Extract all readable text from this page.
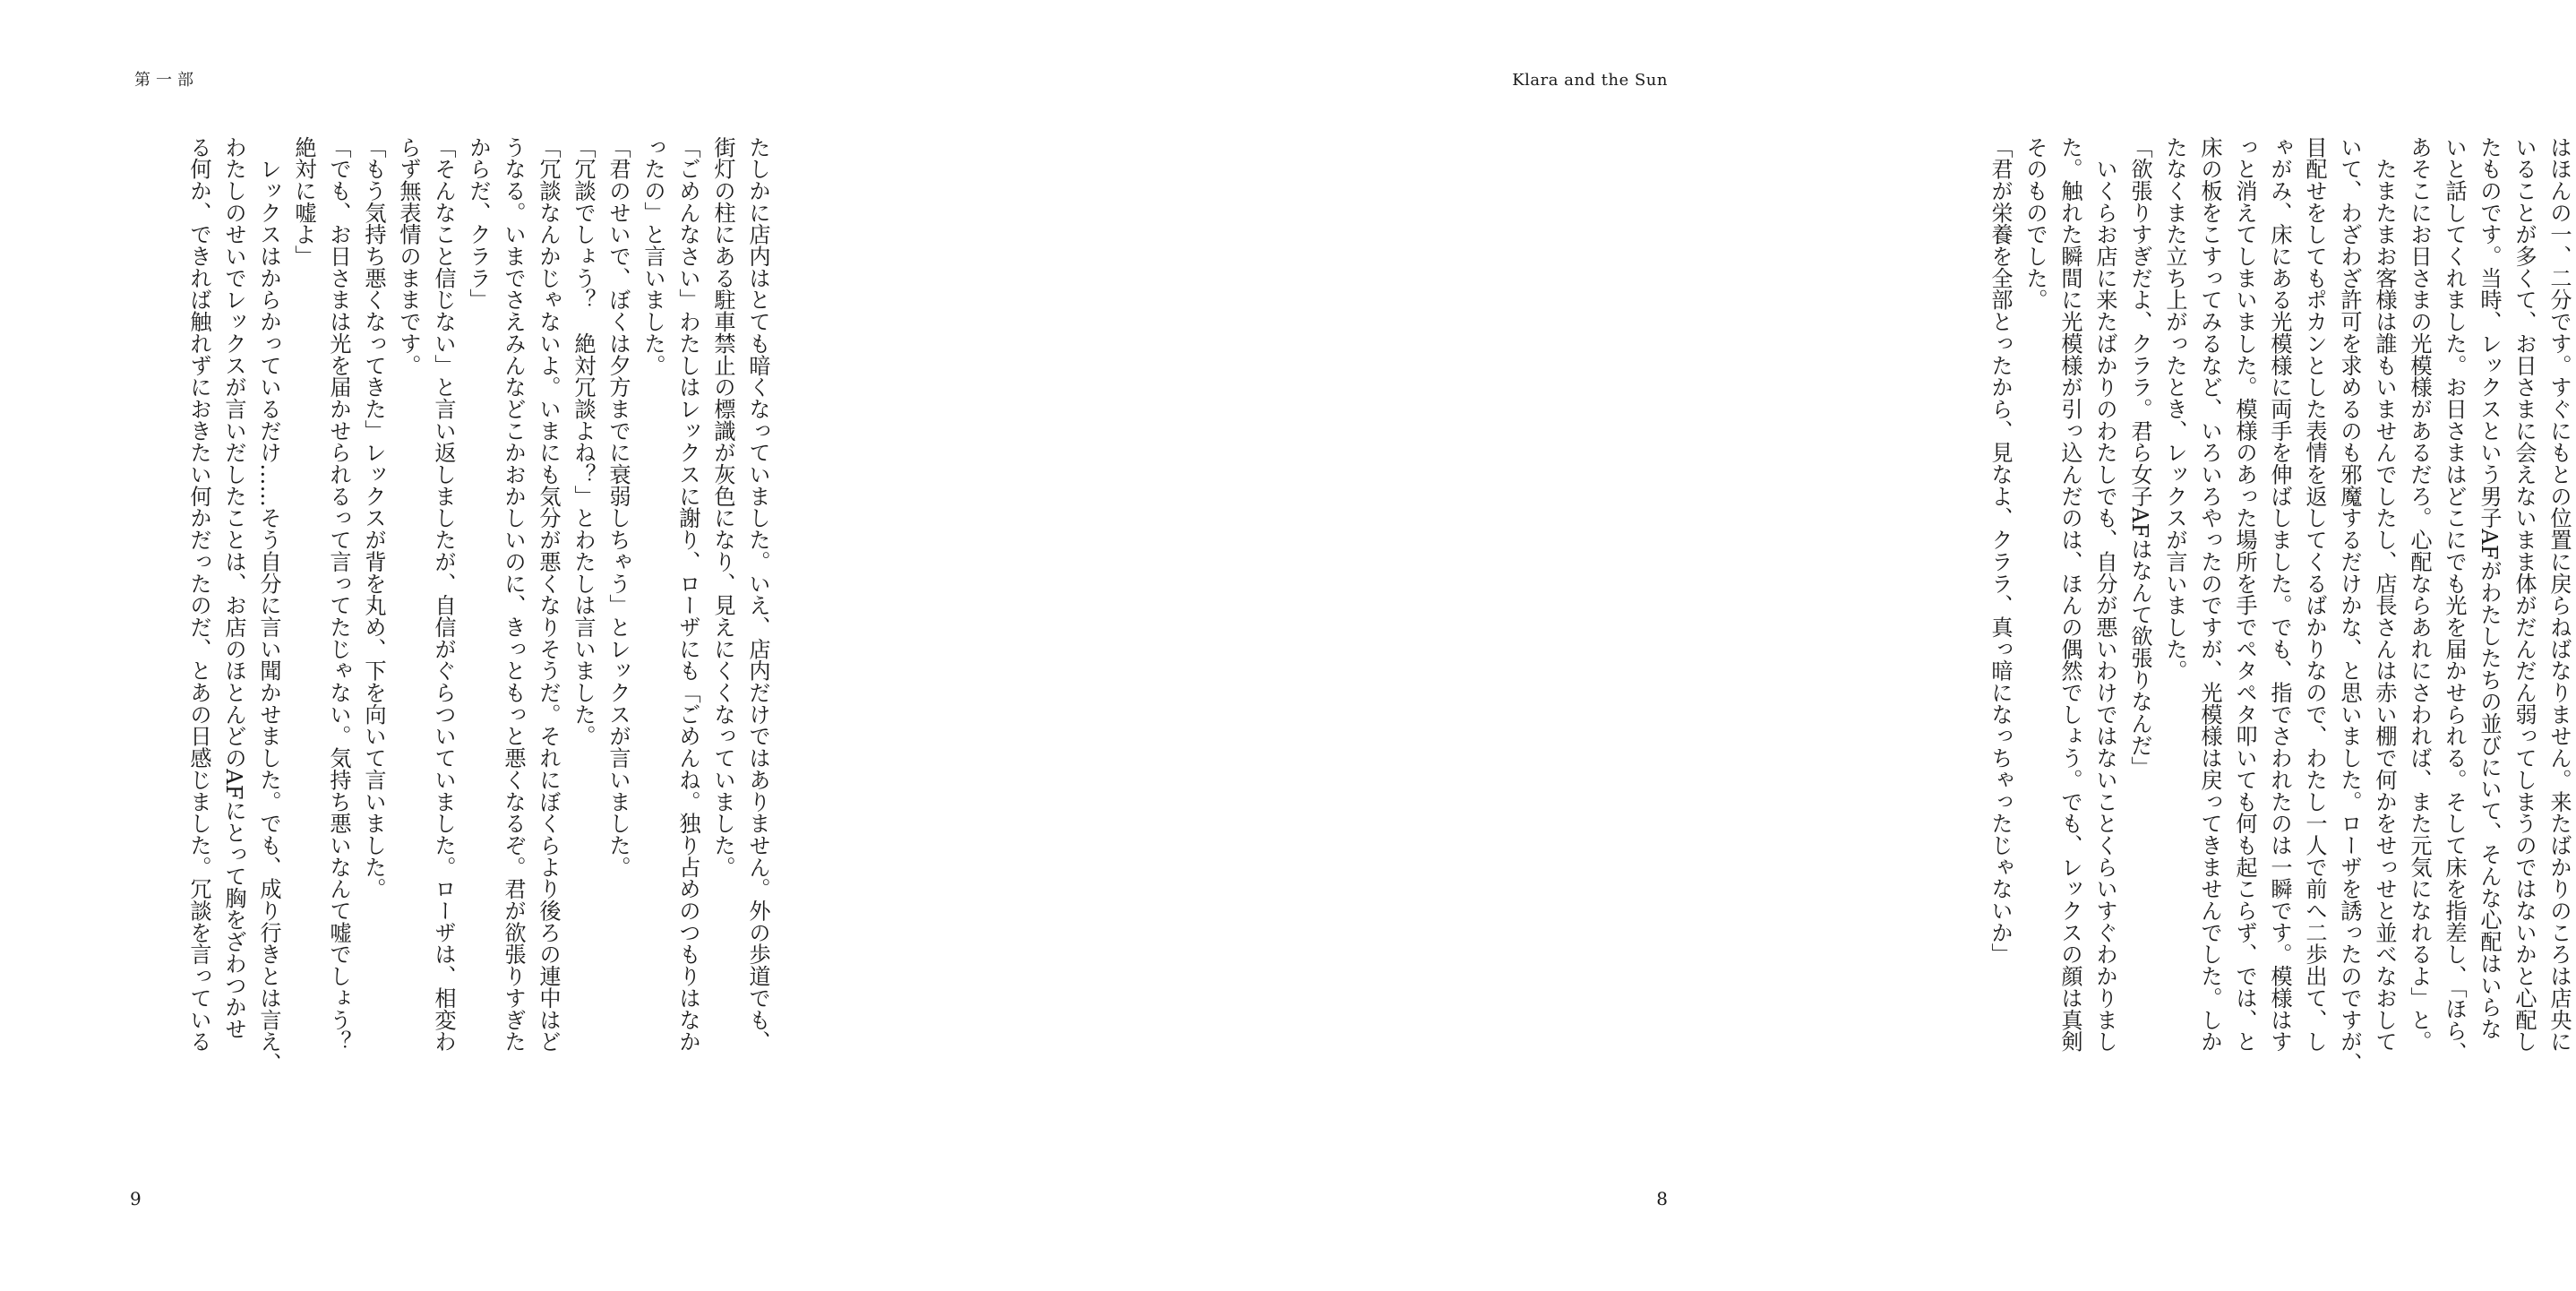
第一部
たしかに店内はとても暗くなっていました。いえ、店内だけではありません。外の歩道でも、
街灯の柱にある駐車禁止の標識が灰色になり、見えにくくなっていました。
「ごめんなさい」わたしはレックスに謝り、ローザにも「ごめんね。独り占めのつもりはなか
ったの」と言いました。
「君のせいで、ぼくは夕方までに衰弱しちゃう」とレックスが言いました。
「冗談でしょう？　絶対冗談よね？」とわたしは言いました。
「冗談なんかじゃないよ。いまにも気分が悪くなりそうだ。それにぼくらより後ろの連中はど
うなる。いまでさえみんなどこかおかしいのに、きっともっと悪くなるぞ。君が欲張りすぎた
からだ、クララ」
「そんなこと信じない」と言い返しましたが、自信がぐらついていました。ローザは、相変わ
らず無表情のままです。
「もう気持ち悪くなってきた」レックスが背を丸め、下を向いて言いました。
「でも、お日さまは光を届かせられるって言ってたじゃない。気持ち悪いなんて嘘でしょう？
絶対に嘘よ」
　レックスはからかっているだけ……そう自分に言い聞かせました。でも、成り行きとは言え、
わたしのせいでレックスが言いだしたことは、お店のほとんどのAFにとって胸をざわつかせ
る何か、できれば触れずにおきたい何かだったのだ、とあの日感じました。冗談を言っている
9
Klara and the Sun
はほんの一、二分です。すぐにもとの位置に戻らねばなりません。来たばかりのころは店央に
いることが多くて、お日さまに会えないまま体がだんだん弱ってしまうのではないかと心配し
たものです。当時、レックスという男子AFがわたしたちの並びにいて、そんな心配はいらな
いと話してくれました。お日さまはどこにでも光を届かせられる。そして床を指差し、「ほら、
あそこにお日さまの光模様があるだろ。心配ならあれにさわれば、また元気になれるよ」と。
　たまたまお客様は誰もいませんでしたし、店長さんは赤い棚で何かをせっせと並べなおして
いて、わざわざ許可を求めるのも邪魔するだけかな、と思いました。ローザを誘ったのですが、
目配せをしてもポカンとした表情を返してくるばかりなので、わたし一人で前へ二歩出て、し
ゃがみ、床にある光模様に両手を伸ばしました。でも、指でさわれたのは一瞬です。模様はす
っと消えてしまいました。模様のあった場所を手でペタペタ叩いても何も起こらず、では、と
床の板をこすってみるなど、いろいろやったのですが、光模様は戻ってきませんでした。しか
たなくまた立ち上がったとき、レックスが言いました。
「欲張りすぎだよ、クララ。君ら女子AFはなんて欲張りなんだ」
　いくらお店に来たばかりのわたしでも、自分が悪いわけではないことくらいすぐわかりまし
た。触れた瞬間に光模様が引っ込んだのは、ほんの偶然でしょう。でも、レックスの顔は真剣
そのものでした。
「君が栄養を全部とったから、見なよ、クララ、真っ暗になっちゃったじゃないか」
8
